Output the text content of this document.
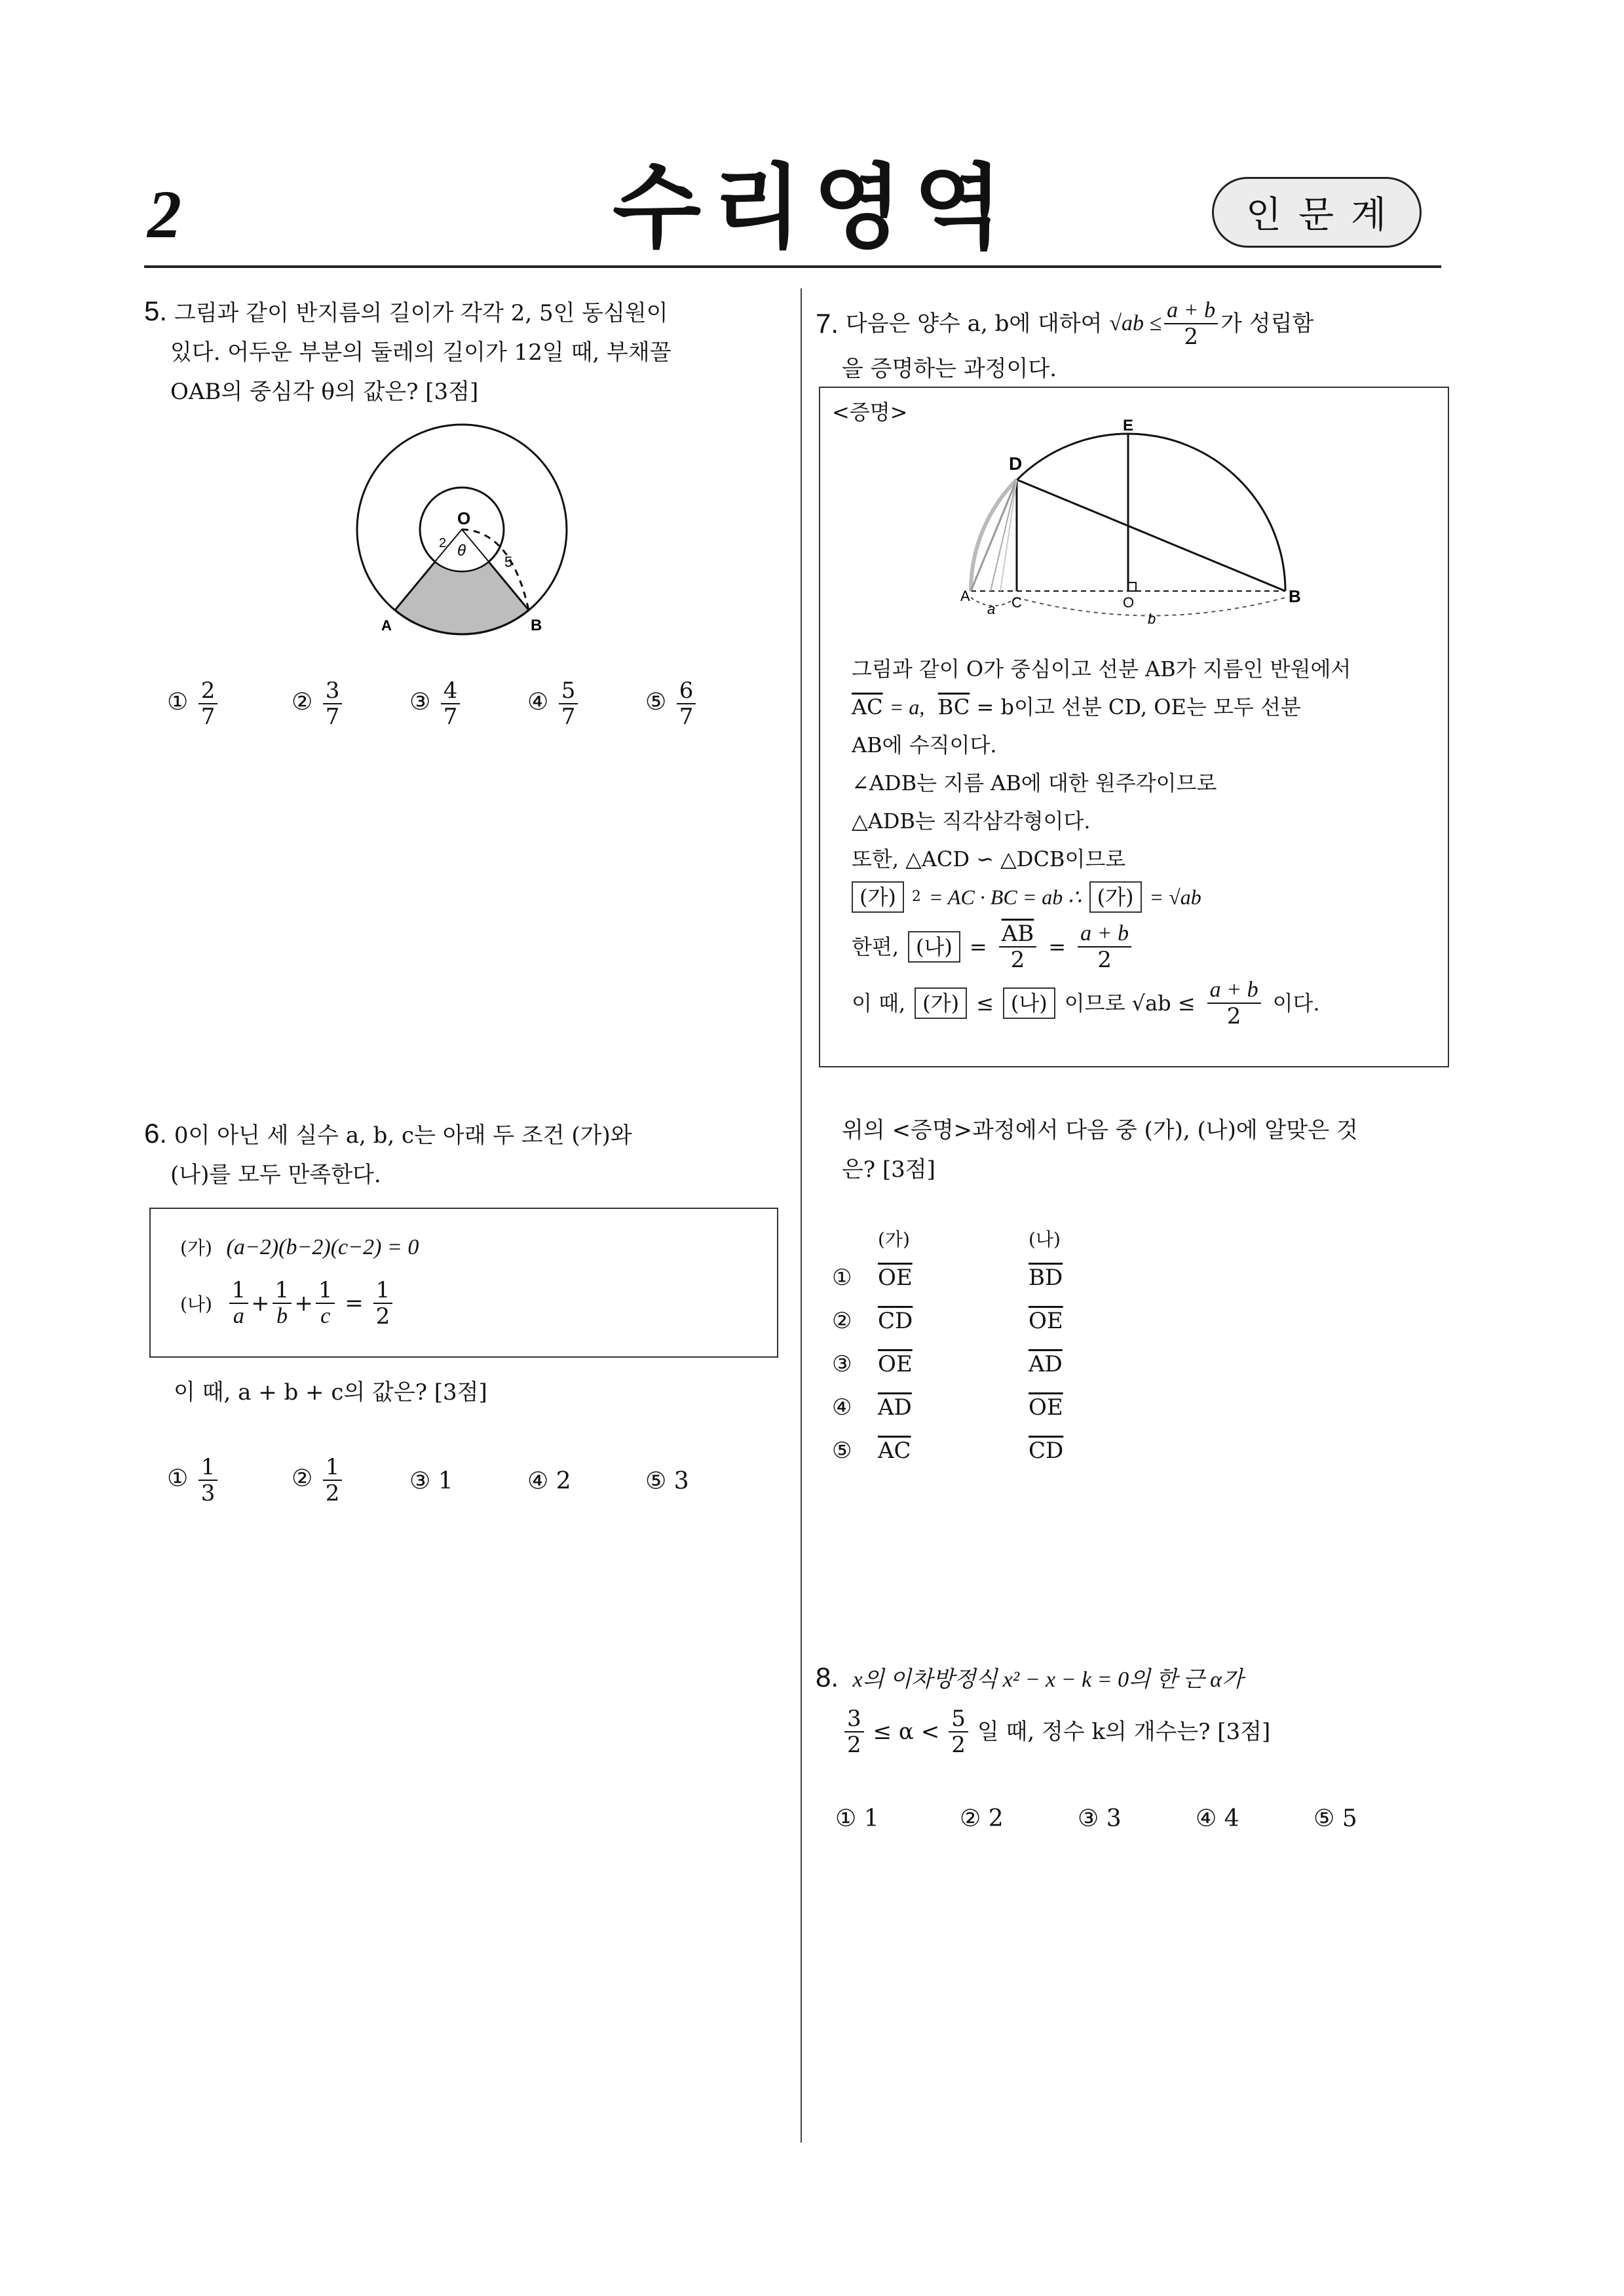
2	수리영역	인문계
5. 그림과 같이 반지름의 길이가 각각 2, 5인 동심원이
있다. 어두운 부분의 둘레의 길이가 12일 때, 부채꼴
OAB의 중심각 θ의 값은? [3점]
O
θ
2
5
A	B
① $\frac{2}{7}$	② $\frac{3}{7}$	③ $\frac{4}{7}$	④ $\frac{5}{7}$	⑤ $\frac{6}{7}$
6. 0이 아닌 세 실수 a, b, c는 아래 두 조건 (가)와
(나)를 모두 만족한다.
(가) (a−2)(b−2)(c−2) = 0
(나)
$\frac{1}{a} + \frac{1}{b} + \frac{1}{c} = \frac{1}{2}$
이 때, a + b + c의 값은? [3점]
① $\frac{1}{3}$	② $\frac{1}{2}$	③ 1	④ 2	⑤ 3
7.
다음은 양수 a, b에 대하여
$√ab \le \frac{a + b}{2}$ 가 성립함
을 증명하는 과정이다.
<증명>
D
E
A	C	O	B
a
b
그림과 같이 O가 중심이고 선분 AB가 지름인 반원에서
$\overline{AC} = a$, $\overline{BC} = b$이고 선분 CD, OE는 모두 선분
AB에 수직이다.
∠ADB는 지름 AB에 대한 원주각이므로
△ADB는 직각삼각형이다.
또한, △ACD ∽ △DCB이므로
(가)	2 = AC · BC = ab ∴ (가) = √ab
한편, (나) = $\frac{\overline{AB}}{2} = \frac{a + b}{2}$
이 때, (가) ≤ (나) 이므로 $√ab \le \frac{a + b}{2}$ 이다.
위의 <증명>과정에서 다음 중 (가), (나)에 알맞은 것
은? [3점]
(가)	(나)
①	$\overline{OE}$	$\overline{BD}$
②	$\overline{CD}$	$\overline{OE}$
③	$\overline{OE}$	$\overline{AD}$
④	$\overline{AD}$	$\overline{OE}$
⑤	$\overline{AC}$	$\overline{CD}$
8. x의 이차방정식 x² − x − k = 0의 한 근 α가
$\frac{3}{2} \le \alpha < \frac{5}{2}$ 일 때, 정수 k의 개수는? [3점]
① 1	② 2	③ 3	④ 4	⑤ 5
